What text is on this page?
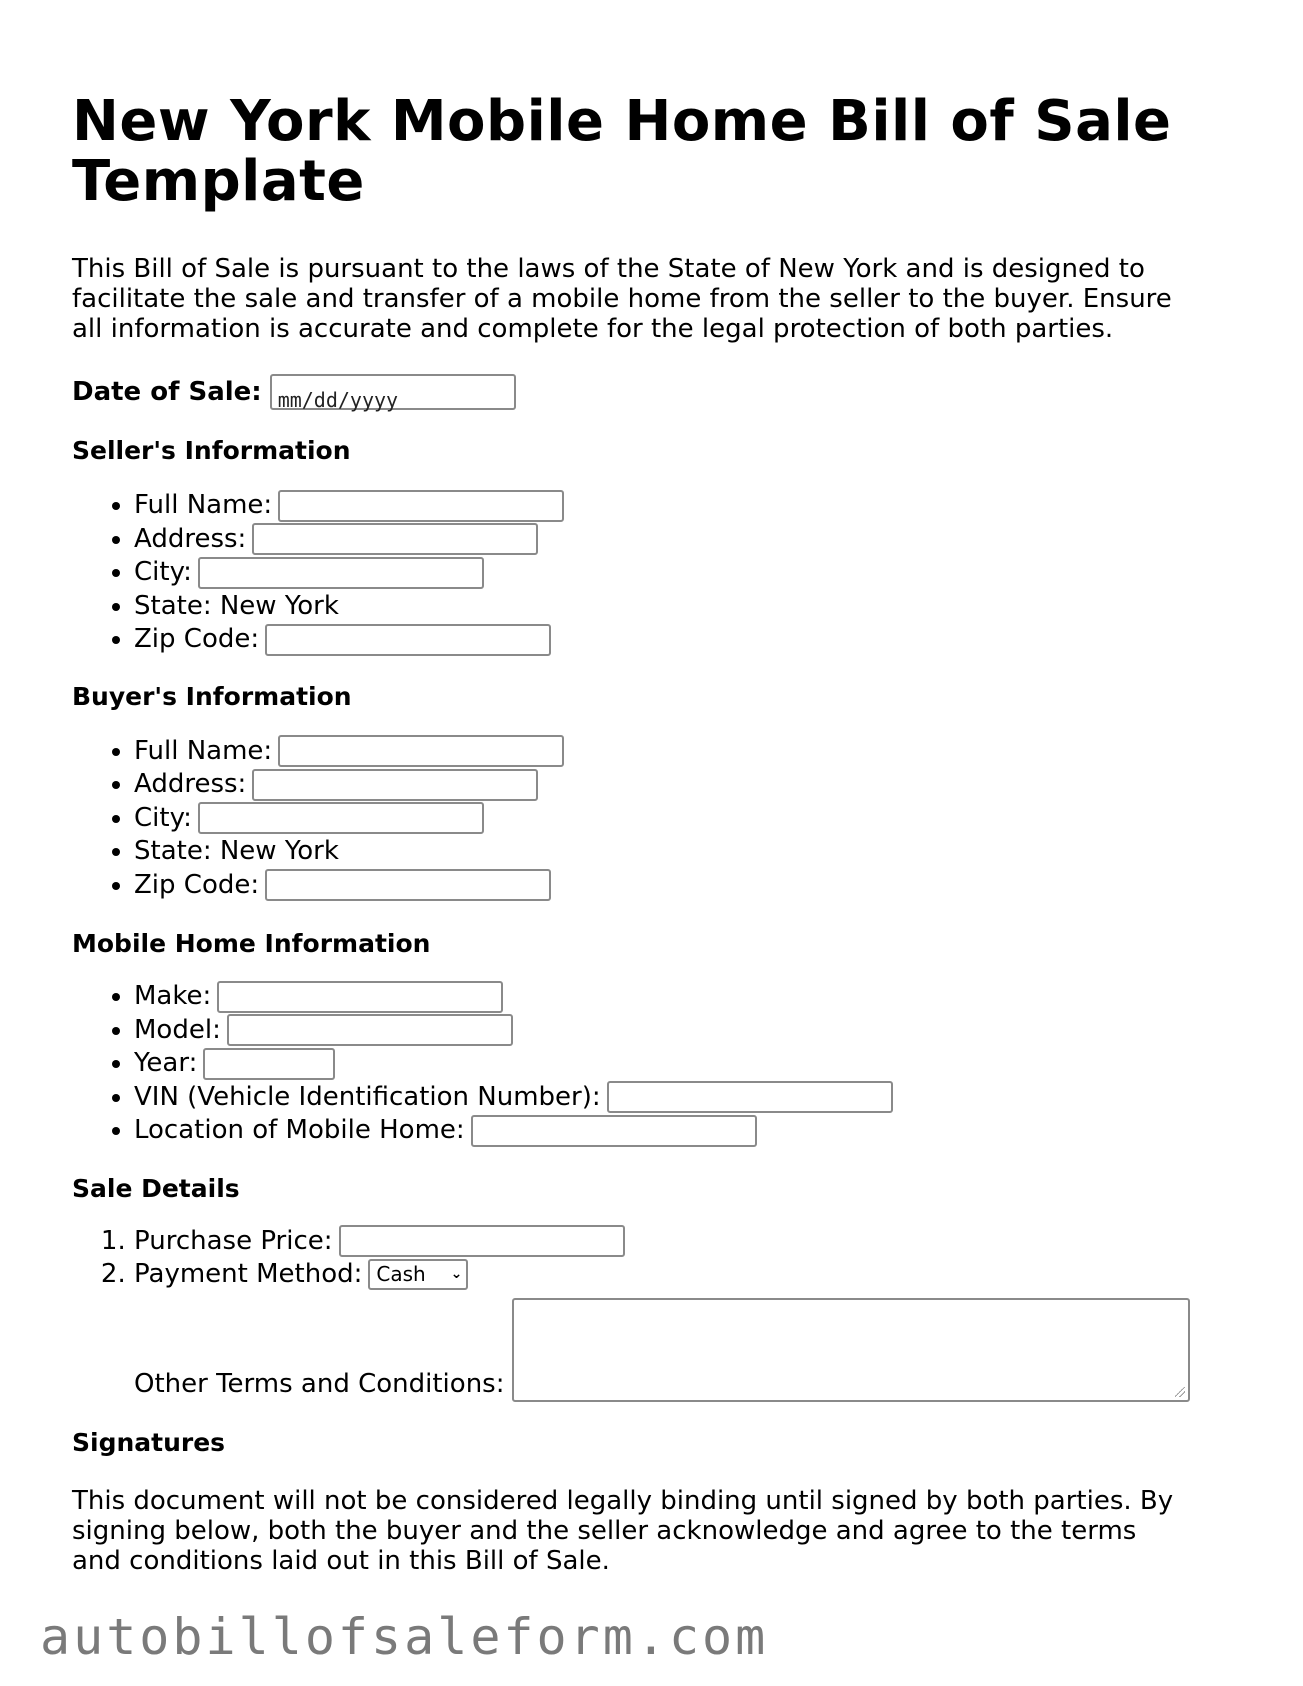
New York Mobile Home Bill of Sale Template

This Bill of Sale is pursuant to the laws of the State of New York and is designed to facilitate the sale and transfer of a mobile home from the seller to the buyer. Ensure all information is accurate and complete for the legal protection of both parties.

Date of Sale: mm/dd/yyyy
Seller's Information
• Full Name:
• Address:
• City:
• State: New York
• Zip Code:
Buyer's Information
• Full Name:
• Address:
• City:
• State: New York
• Zip Code:
Mobile Home Information
• Make:
• Model:
• Year:
• VIN (Vehicle Identification Number):
• Location of Mobile Home:
Sale Details
1. Purchase Price:
2. Payment Method: Cash ⌄
Other Terms and Conditions:
Signatures

This document will not be considered legally binding until signed by both parties. By signing below, both the buyer and the seller acknowledge and agree to the terms and conditions laid out in this Bill of Sale.

autobillofsaleform.com
